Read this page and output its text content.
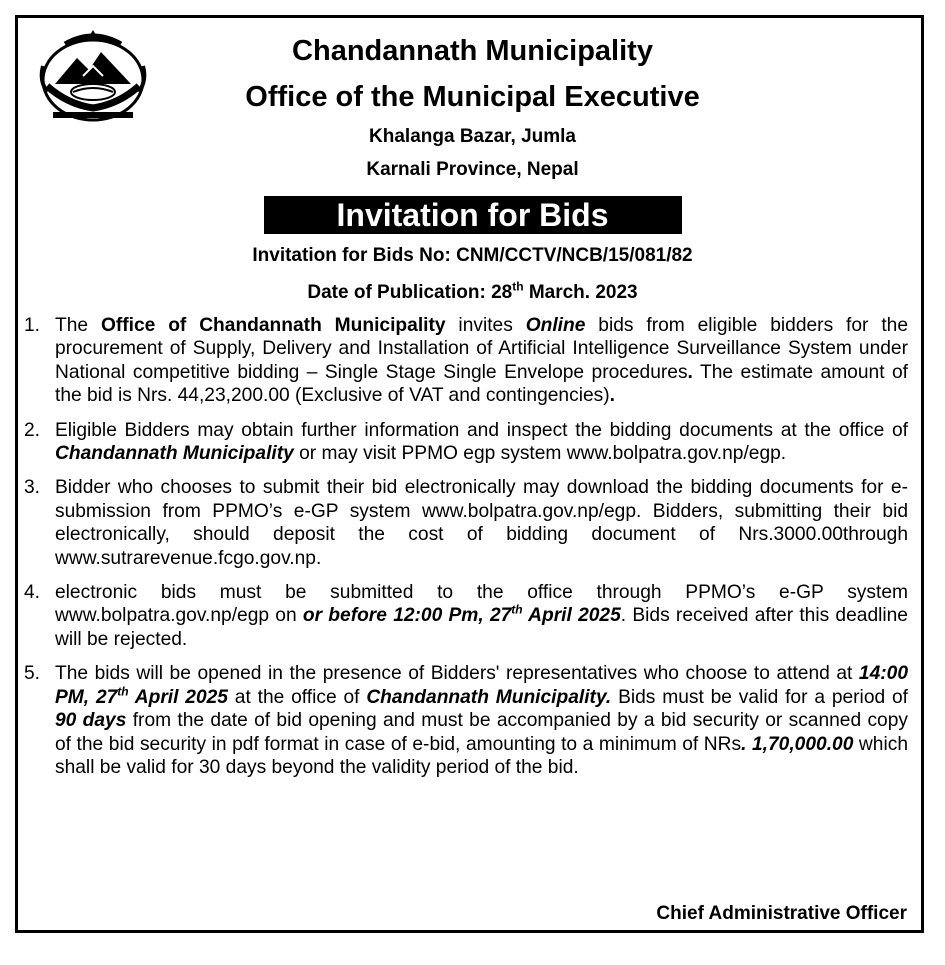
Chandannath Municipality
Office of the Municipal Executive
Khalanga Bazar, Jumla
Karnali Province, Nepal
Invitation for Bids
Invitation for Bids No: CNM/CCTV/NCB/15/081/82
Date of Publication: 28th March. 2023
1. The Office of Chandannath Municipality invites Online bids from eligible bidders for the procurement of Supply, Delivery and Installation of Artificial Intelligence Surveillance System under National competitive bidding – Single Stage Single Envelope procedures. The estimate amount of the bid is Nrs. 44,23,200.00 (Exclusive of VAT and contingencies).
2. Eligible Bidders may obtain further information and inspect the bidding documents at the office of Chandannath Municipality or may visit PPMO egp system www.bolpatra.gov.np/egp.
3. Bidder who chooses to submit their bid electronically may download the bidding documents for e-submission from PPMO’s e-GP system www.bolpatra.gov.np/egp. Bidders, submitting their bid electronically, should deposit the cost of bidding document of Nrs.3000.00through www.sutrarevenue.fcgo.gov.np.
4. electronic bids must be submitted to the office through PPMO’s e-GP system www.bolpatra.gov.np/egp on or before 12:00 Pm, 27th April 2025. Bids received after this deadline will be rejected.
5. The bids will be opened in the presence of Bidders' representatives who choose to attend at 14:00 PM, 27th April 2025 at the office of Chandannath Municipality. Bids must be valid for a period of 90 days from the date of bid opening and must be accompanied by a bid security or scanned copy of the bid security in pdf format in case of e-bid, amounting to a minimum of NRs. 1,70,000.00 which shall be valid for 30 days beyond the validity period of the bid.
Chief Administrative Officer
